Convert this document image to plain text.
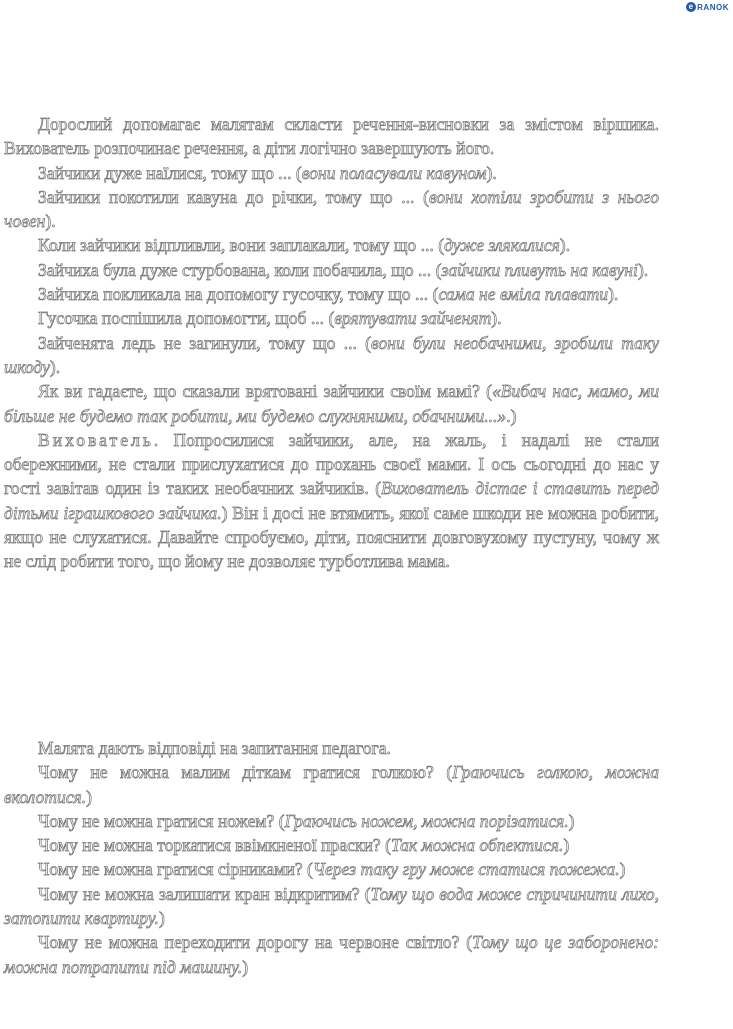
e RANOK

Дорослий допомагає малятам скласти речення-висновки за змістом віршика. Вихователь розпочинає речення, а діти логічно завершують його.

Зайчики дуже наїлися, тому що ... (вони поласували кавуном).

Зайчики покотили кавуна до річки, тому що ... (вони хотіли зробити з нього човен).

Коли зайчики відпливли, вони заплакали, тому що ... (дуже злякалися).

Зайчиха була дуже стурбована, коли побачила, що ... (зайчики пливуть на кавуні).

Зайчиха покликала на допомогу гусочку, тому що ... (сама не вміла плавати).

Гусочка поспішила допомогти, щоб ... (врятувати зайченят).

Зайченята ледь не загинули, тому що ... (вони були необачними, зробили таку шкоду).

Як ви гадаєте, що сказали врятовані зайчики своїм мамі? («Вибач нас, мамо, ми більше не будемо так робити, ми будемо слухняними, обачними...».)

Вихователь. Попросилися зайчики, але, на жаль, і надалі не стали обережними, не стали прислухатися до прохань своєї мами. І ось сьогодні до нас у гості завітав один із таких необачних зайчиків. (Вихователь дістає і ставить перед дітьми іграшкового зайчика.) Він і досі не втямить, якої саме шкоди не можна робити, якщо не слухатися. Давайте спробуємо, діти, пояснити довговухому пустуну, чому ж не слід робити того, що йому не дозволяє турботлива мама.

Малята дають відповіді на запитання педагога.

Чому не можна малим діткам гратися голкою? (Граючись голкою, можна вколотися.)

Чому не можна гратися ножем? (Граючись ножем, можна порізатися.)

Чому не можна торкатися ввімкненої праски? (Так можна обпектися.)

Чому не можна гратися сірниками? (Через таку гру може статися пожежа.)

Чому не можна залишати кран відкритим? (Тому що вода може спричинити лихо, затопити квартиру.)

Чому не можна переходити дорогу на червоне світло? (Тому що це заборонено: можна потрапити під машину.)
